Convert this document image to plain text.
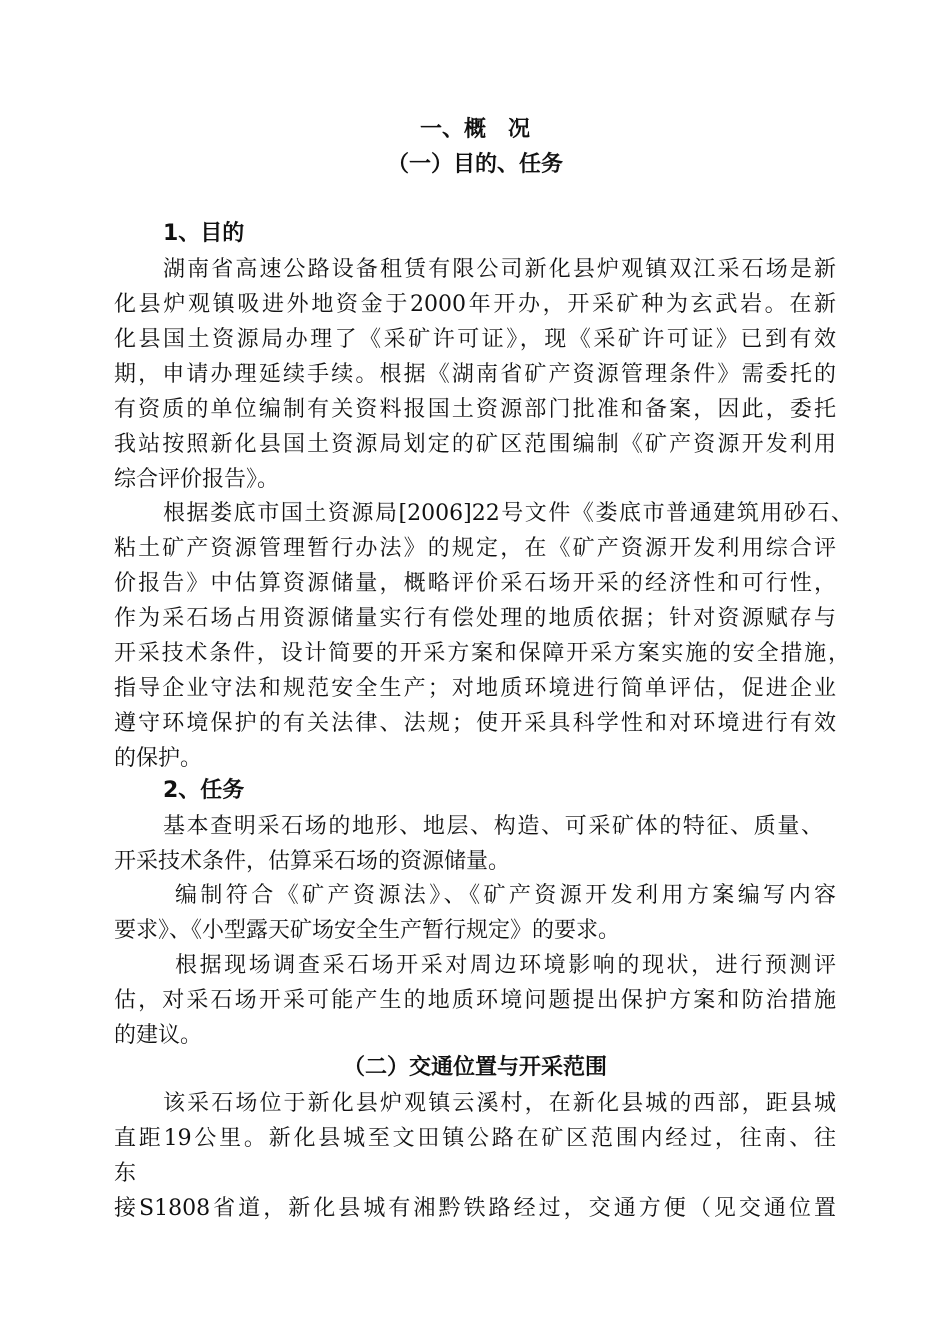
一、概　况
（一）目的、任务
1、目的
湖南省高速公路设备租赁有限公司新化县炉观镇双江采石场是新
化县炉观镇吸进外地资金于2000年开办，开采矿种为玄武岩。在新
化县国土资源局办理了《采矿许可证》，现《采矿许可证》已到有效
期，申请办理延续手续。根据《湖南省矿产资源管理条件》需委托的
有资质的单位编制有关资料报国土资源部门批准和备案，因此，委托
我站按照新化县国土资源局划定的矿区范围编制《矿产资源开发利用
综合评价报告》。
根据娄底市国土资源局[2006]22号文件《娄底市普通建筑用砂石、
粘土矿产资源管理暂行办法》的规定，在《矿产资源开发利用综合评
价报告》中估算资源储量，概略评价采石场开采的经济性和可行性，
作为采石场占用资源储量实行有偿处理的地质依据；针对资源赋存与
开采技术条件，设计简要的开采方案和保障开采方案实施的安全措施，
指导企业守法和规范安全生产；对地质环境进行简单评估，促进企业
遵守环境保护的有关法律、法规；使开采具科学性和对环境进行有效
的保护。
2、任务
基本查明采石场的地形、地层、构造、可采矿体的特征、质量、
开采技术条件，估算采石场的资源储量。
编制符合《矿产资源法》、《矿产资源开发利用方案编写内容
要求》、《小型露天矿场安全生产暂行规定》的要求。
根据现场调查采石场开采对周边环境影响的现状，进行预测评
估，对采石场开采可能产生的地质环境问题提出保护方案和防治措施
的建议。
（二）交通位置与开采范围
该采石场位于新化县炉观镇云溪村，在新化县城的西部，距县城
直距19公里。新化县城至文田镇公路在矿区范围内经过，往南、往
东
接S1808省道，新化县城有湘黔铁路经过，交通方便（见交通位置
